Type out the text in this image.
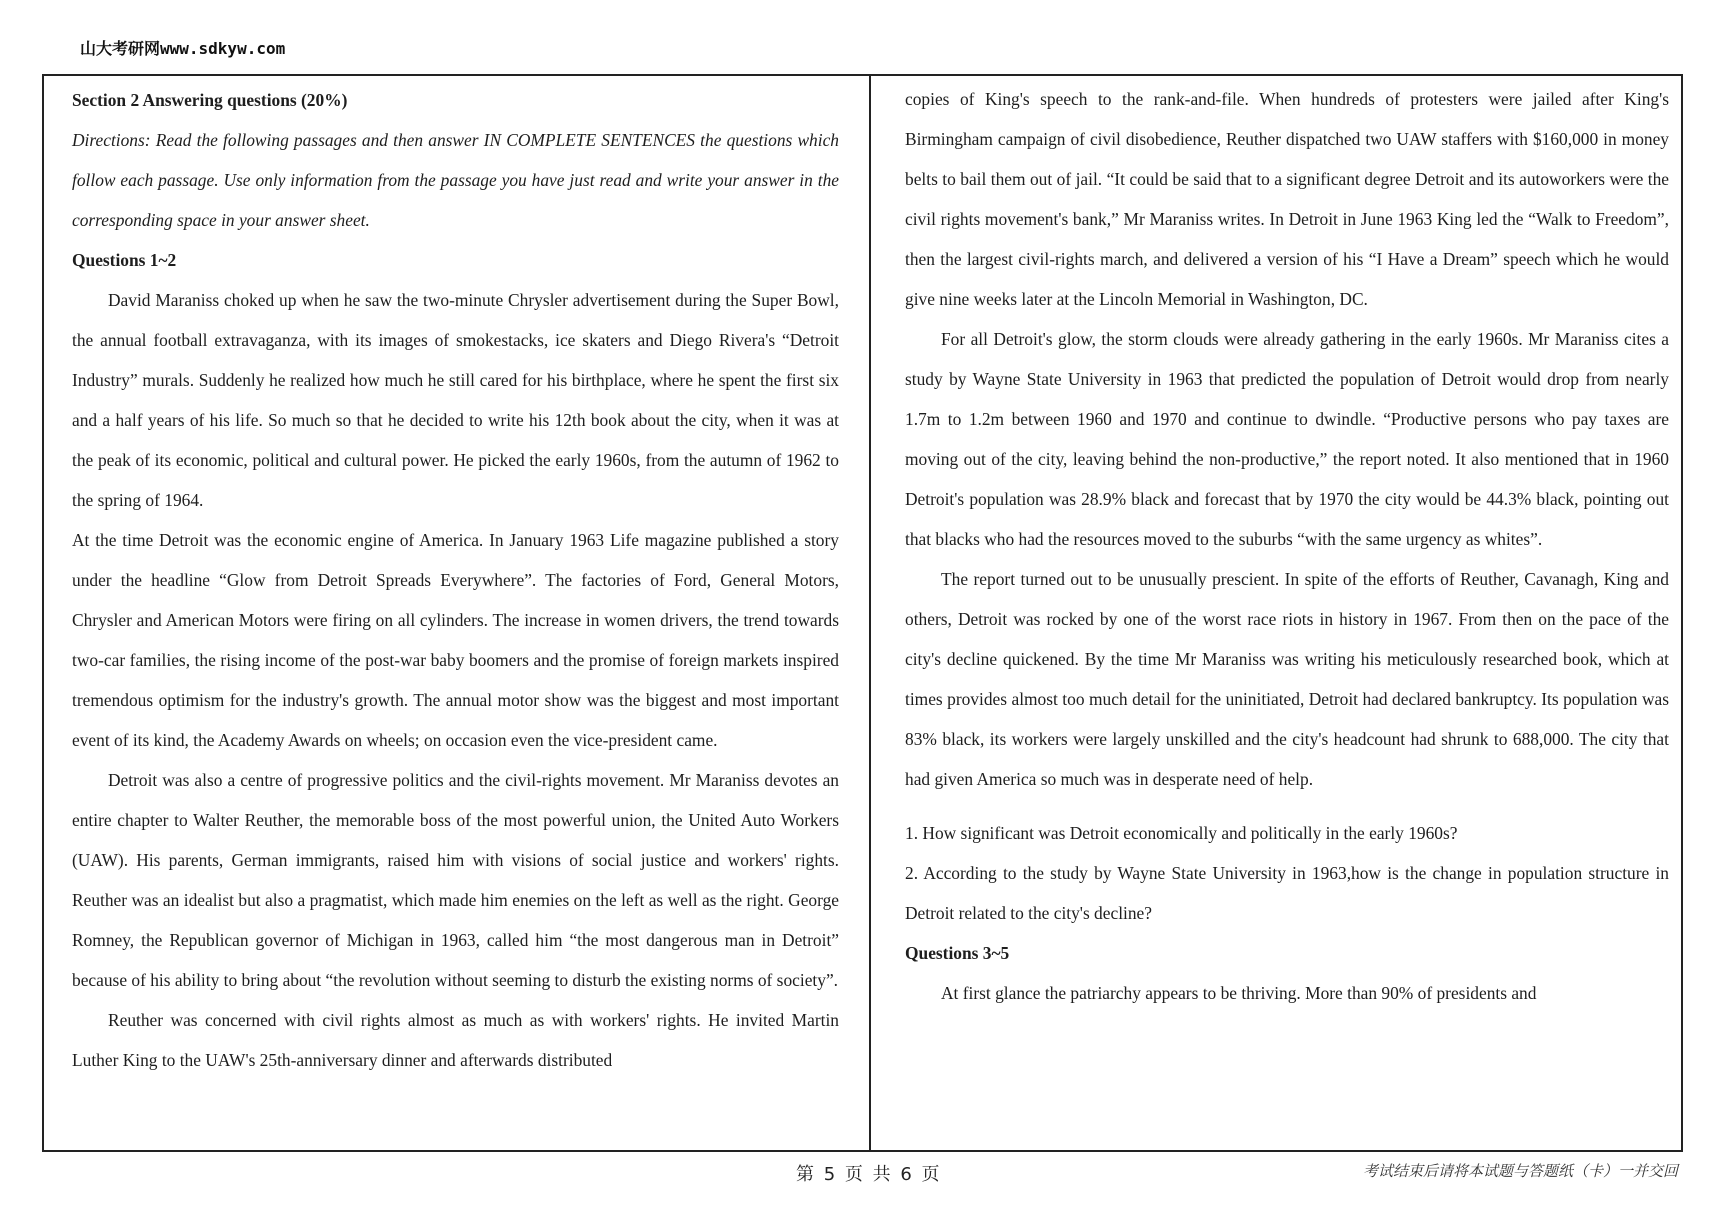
山大考研网www.sdkyw.com

Section 2 Answering questions (20%)

Directions: Read the following passages and then answer IN COMPLETE SENTENCES the questions which follow each passage. Use only information from the passage you have just read and write your answer in the corresponding space in your answer sheet.

Questions 1~2

David Maraniss choked up when he saw the two-minute Chrysler advertisement during the Super Bowl, the annual football extravaganza, with its images of smokestacks, ice skaters and Diego Rivera's “Detroit Industry” murals. Suddenly he realized how much he still cared for his birthplace, where he spent the first six and a half years of his life. So much so that he decided to write his 12th book about the city, when it was at the peak of its economic, political and cultural power. He picked the early 1960s, from the autumn of 1962 to the spring of 1964.

At the time Detroit was the economic engine of America. In January 1963 Life magazine published a story under the headline “Glow from Detroit Spreads Everywhere”. The factories of Ford, General Motors, Chrysler and American Motors were firing on all cylinders. The increase in women drivers, the trend towards two-car families, the rising income of the post-war baby boomers and the promise of foreign markets inspired tremendous optimism for the industry's growth. The annual motor show was the biggest and most important event of its kind, the Academy Awards on wheels; on occasion even the vice-president came.

Detroit was also a centre of progressive politics and the civil-rights movement. Mr Maraniss devotes an entire chapter to Walter Reuther, the memorable boss of the most powerful union, the United Auto Workers (UAW). His parents, German immigrants, raised him with visions of social justice and workers' rights. Reuther was an idealist but also a pragmatist, which made him enemies on the left as well as the right. George Romney, the Republican governor of Michigan in 1963, called him “the most dangerous man in Detroit” because of his ability to bring about “the revolution without seeming to disturb the existing norms of society”.

Reuther was concerned with civil rights almost as much as with workers' rights. He invited Martin Luther King to the UAW's 25th-anniversary dinner and afterwards distributed

copies of King's speech to the rank-and-file. When hundreds of protesters were jailed after King's Birmingham campaign of civil disobedience, Reuther dispatched two UAW staffers with $160,000 in money belts to bail them out of jail. “It could be said that to a significant degree Detroit and its autoworkers were the civil rights movement's bank,” Mr Maraniss writes. In Detroit in June 1963 King led the “Walk to Freedom”, then the largest civil-rights march, and delivered a version of his “I Have a Dream” speech which he would give nine weeks later at the Lincoln Memorial in Washington, DC.

For all Detroit's glow, the storm clouds were already gathering in the early 1960s. Mr Maraniss cites a study by Wayne State University in 1963 that predicted the population of Detroit would drop from nearly 1.7m to 1.2m between 1960 and 1970 and continue to dwindle. “Productive persons who pay taxes are moving out of the city, leaving behind the non-productive,” the report noted. It also mentioned that in 1960 Detroit's population was 28.9% black and forecast that by 1970 the city would be 44.3% black, pointing out that blacks who had the resources moved to the suburbs “with the same urgency as whites”.

The report turned out to be unusually prescient. In spite of the efforts of Reuther, Cavanagh, King and others, Detroit was rocked by one of the worst race riots in history in 1967. From then on the pace of the city's decline quickened. By the time Mr Maraniss was writing his meticulously researched book, which at times provides almost too much detail for the uninitiated, Detroit had declared bankruptcy. Its population was 83% black, its workers were largely unskilled and the city's headcount had shrunk to 688,000. The city that had given America so much was in desperate need of help.

1. How significant was Detroit economically and politically in the early 1960s?

2. According to the study by Wayne State University in 1963,how is the change in population structure in Detroit related to the city's decline?

Questions 3~5

At first glance the patriarchy appears to be thriving. More than 90% of presidents and

第 5 页 共 6 页	考试结束后请将本试题与答题纸（卡）一并交回
